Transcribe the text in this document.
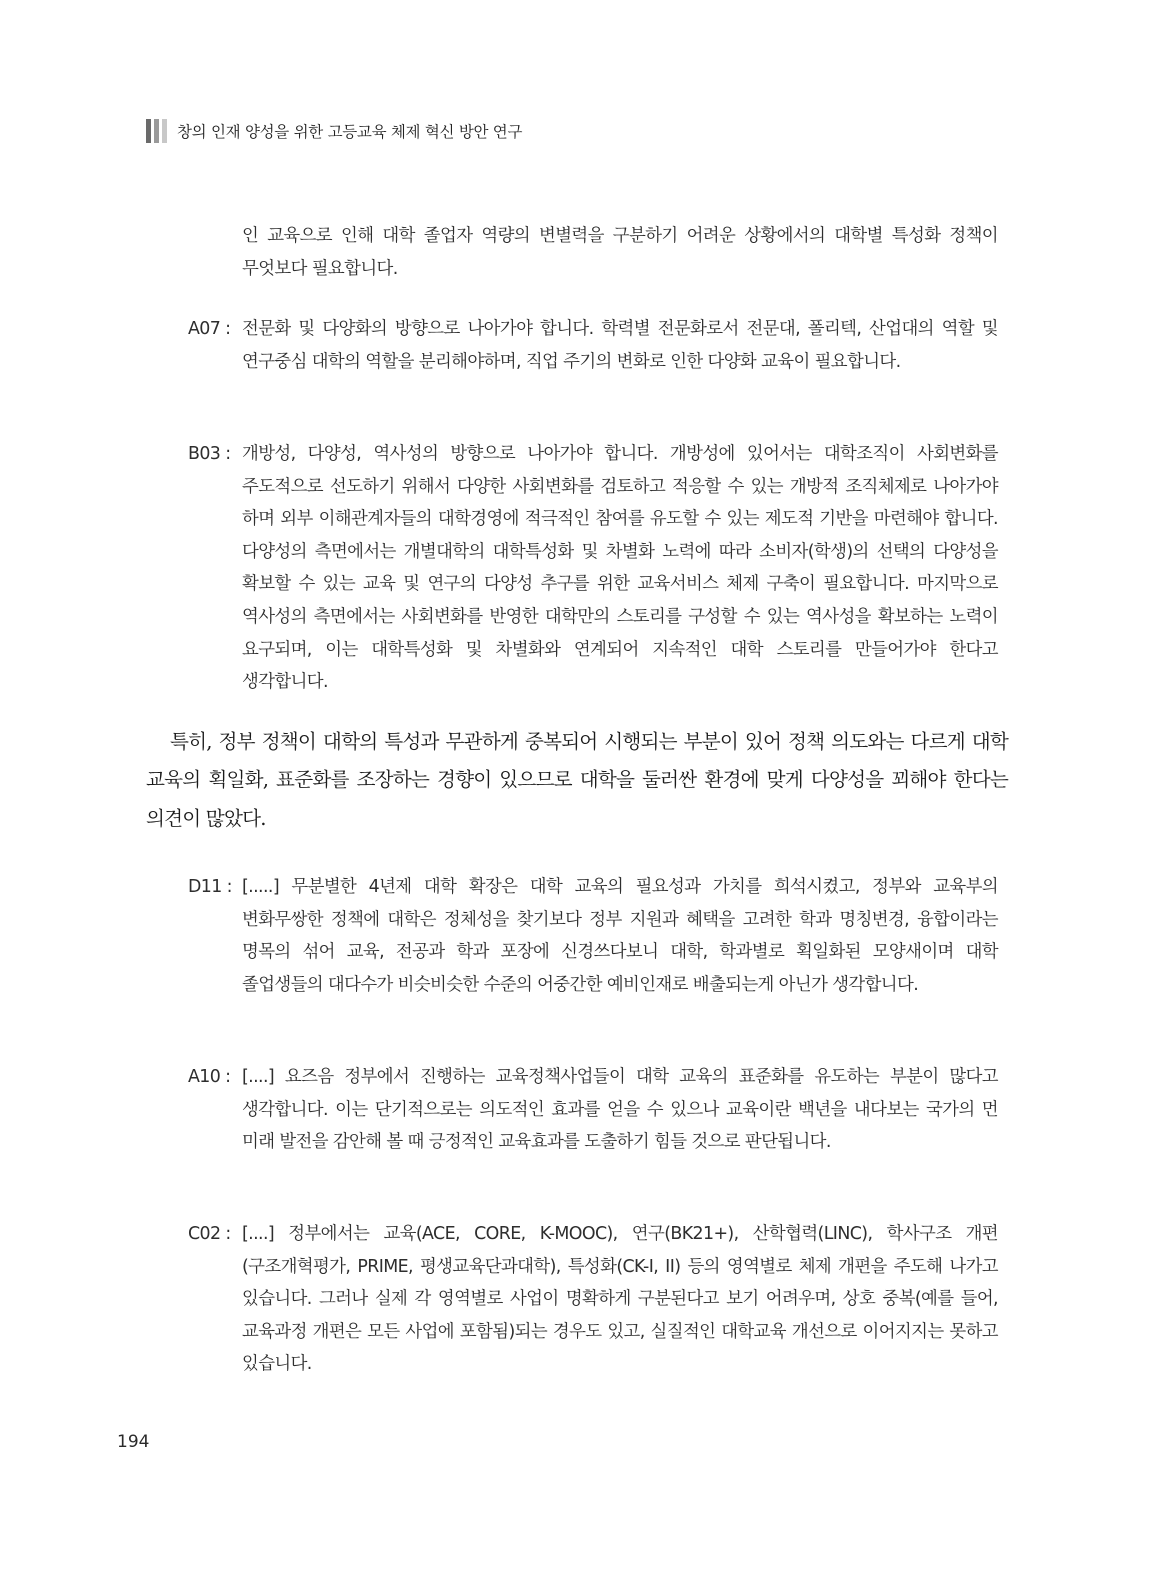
창의 인재 양성을 위한 고등교육 체제 혁신 방안 연구
인 교육으로 인해 대학 졸업자 역량의 변별력을 구분하기 어려운 상황에서의 대학별 특성화 정책이 무엇보다 필요합니다.
A07 : 전문화 및 다양화의 방향으로 나아가야 합니다. 학력별 전문화로서 전문대, 폴리텍, 산업대의 역할 및 연구중심 대학의 역할을 분리해야하며, 직업 주기의 변화로 인한 다양화 교육이 필요합니다.
B03 : 개방성, 다양성, 역사성의 방향으로 나아가야 합니다. 개방성에 있어서는 대학조직이 사회변화를 주도적으로 선도하기 위해서 다양한 사회변화를 검토하고 적응할 수 있는 개방적 조직체제로 나아가야 하며 외부 이해관계자들의 대학경영에 적극적인 참여를 유도할 수 있는 제도적 기반을 마련해야 합니다. 다양성의 측면에서는 개별대학의 대학특성화 및 차별화 노력에 따라 소비자(학생)의 선택의 다양성을 확보할 수 있는 교육 및 연구의 다양성 추구를 위한 교육서비스 체제 구축이 필요합니다. 마지막으로 역사성의 측면에서는 사회변화를 반영한 대학만의 스토리를 구성할 수 있는 역사성을 확보하는 노력이 요구되며, 이는 대학특성화 및 차별화와 연계되어 지속적인 대학 스토리를 만들어가야 한다고 생각합니다.
특히, 정부 정책이 대학의 특성과 무관하게 중복되어 시행되는 부분이 있어 정책 의도와는 다르게 대학 교육의 획일화, 표준화를 조장하는 경향이 있으므로 대학을 둘러싼 환경에 맞게 다양성을 꾀해야 한다는 의견이 많았다.
D11 : [.....] 무분별한 4년제 대학 확장은 대학 교육의 필요성과 가치를 희석시켰고, 정부와 교육부의 변화무쌍한 정책에 대학은 정체성을 찾기보다 정부 지원과 혜택을 고려한 학과 명칭변경, 융합이라는 명목의 섞어 교육, 전공과 학과 포장에 신경쓰다보니 대학, 학과별로 획일화된 모양새이며 대학 졸업생들의 대다수가 비슷비슷한 수준의 어중간한 예비인재로 배출되는게 아닌가 생각합니다.
A10 : [....] 요즈음 정부에서 진행하는 교육정책사업들이 대학 교육의 표준화를 유도하는 부분이 많다고 생각합니다. 이는 단기적으로는 의도적인 효과를 얻을 수 있으나 교육이란 백년을 내다보는 국가의 먼 미래 발전을 감안해 볼 때 긍정적인 교육효과를 도출하기 힘들 것으로 판단됩니다.
C02 : [....] 정부에서는 교육(ACE, CORE, K-MOOC), 연구(BK21+), 산학협력(LINC), 학사구조 개편(구조개혁평가, PRIME, 평생교육단과대학), 특성화(CK-I, II) 등의 영역별로 체제 개편을 주도해 나가고 있습니다. 그러나 실제 각 영역별로 사업이 명확하게 구분된다고 보기 어려우며, 상호 중복(예를 들어, 교육과정 개편은 모든 사업에 포함됨)되는 경우도 있고, 실질적인 대학교육 개선으로 이어지지는 못하고 있습니다.
194
